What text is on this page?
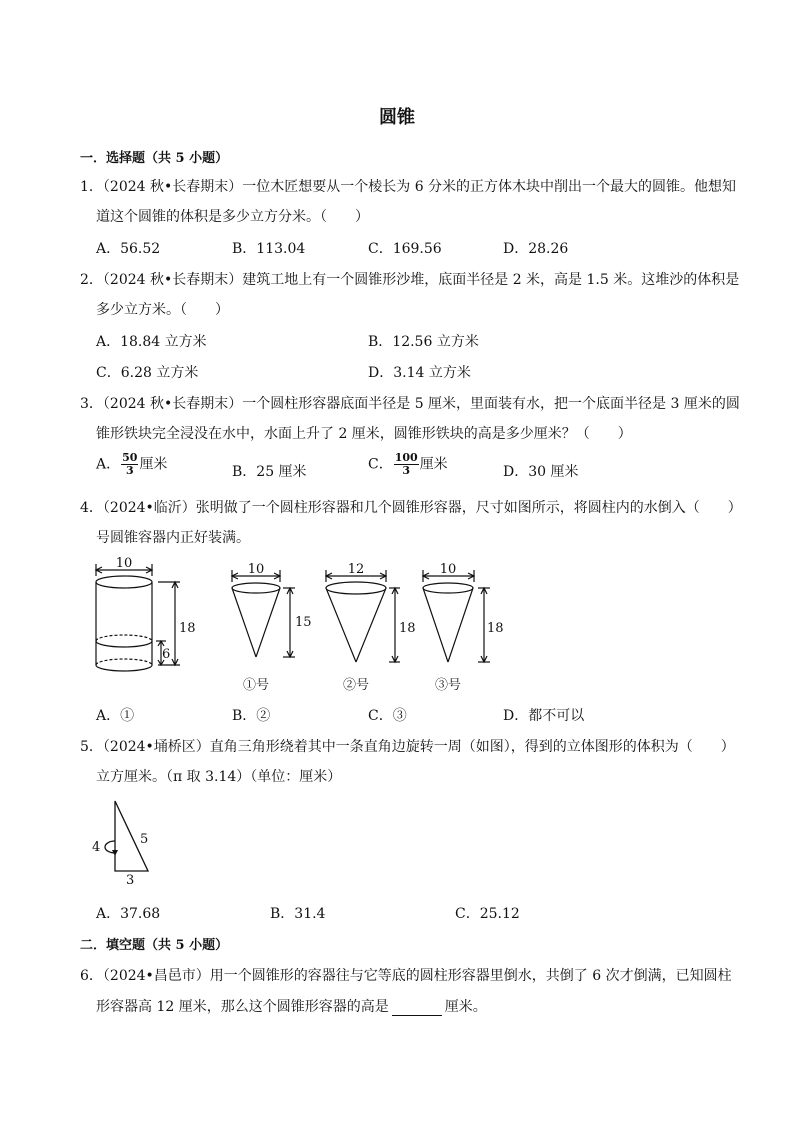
圆锥
一．选择题（共 5 小题）
1．（2024 秋•长春期末）一位木匠想要从一个棱长为 6 分米的正方体木块中削出一个最大的圆锥。他想知
道这个圆锥的体积是多少立方分米。（　　）
A．56.52	B．113.04	C．169.56	D．28.26
2．（2024 秋•长春期末）建筑工地上有一个圆锥形沙堆，底面半径是 2 米，高是 1.5 米。这堆沙的体积是
多少立方米。（　　）
A．18.84 立方米	B．12.56 立方米
C．6.28 立方米	D．3.14 立方米
3．（2024 秋•长春期末）一个圆柱形容器底面半径是 5 厘米，里面装有水，把一个底面半径是 3 厘米的圆
锥形铁块完全浸没在水中，水面上升了 2 厘米，圆锥形铁块的高是多少厘米？（　　）
A． $\frac{50}{3}$ 厘米	B．25 厘米	C． $\frac{100}{3}$ 厘米	D．30 厘米
4．（2024•临沂）张明做了一个圆柱形容器和几个圆锥形容器，尺寸如图所示，将圆柱内的水倒入（　　）
号圆锥容器内正好装满。
10
18
6
10
15
①号
12
18
②号
10
18
③号
A．①	B．②	C．③	D．都不可以
5．（2024•埇桥区）直角三角形绕着其中一条直角边旋转一周（如图），得到的立体图形的体积为（　　）
立方厘米。（π 取 3.14）（单位：厘米）
4
5
3
A．37.68	B．31.4	C．25.12
二．填空题（共 5 小题）
6．（2024•昌邑市）用一个圆锥形的容器往与它等底的圆柱形容器里倒水，共倒了 6 次才倒满，已知圆柱
形容器高 12 厘米，那么这个圆锥形容器的高是	厘米。
